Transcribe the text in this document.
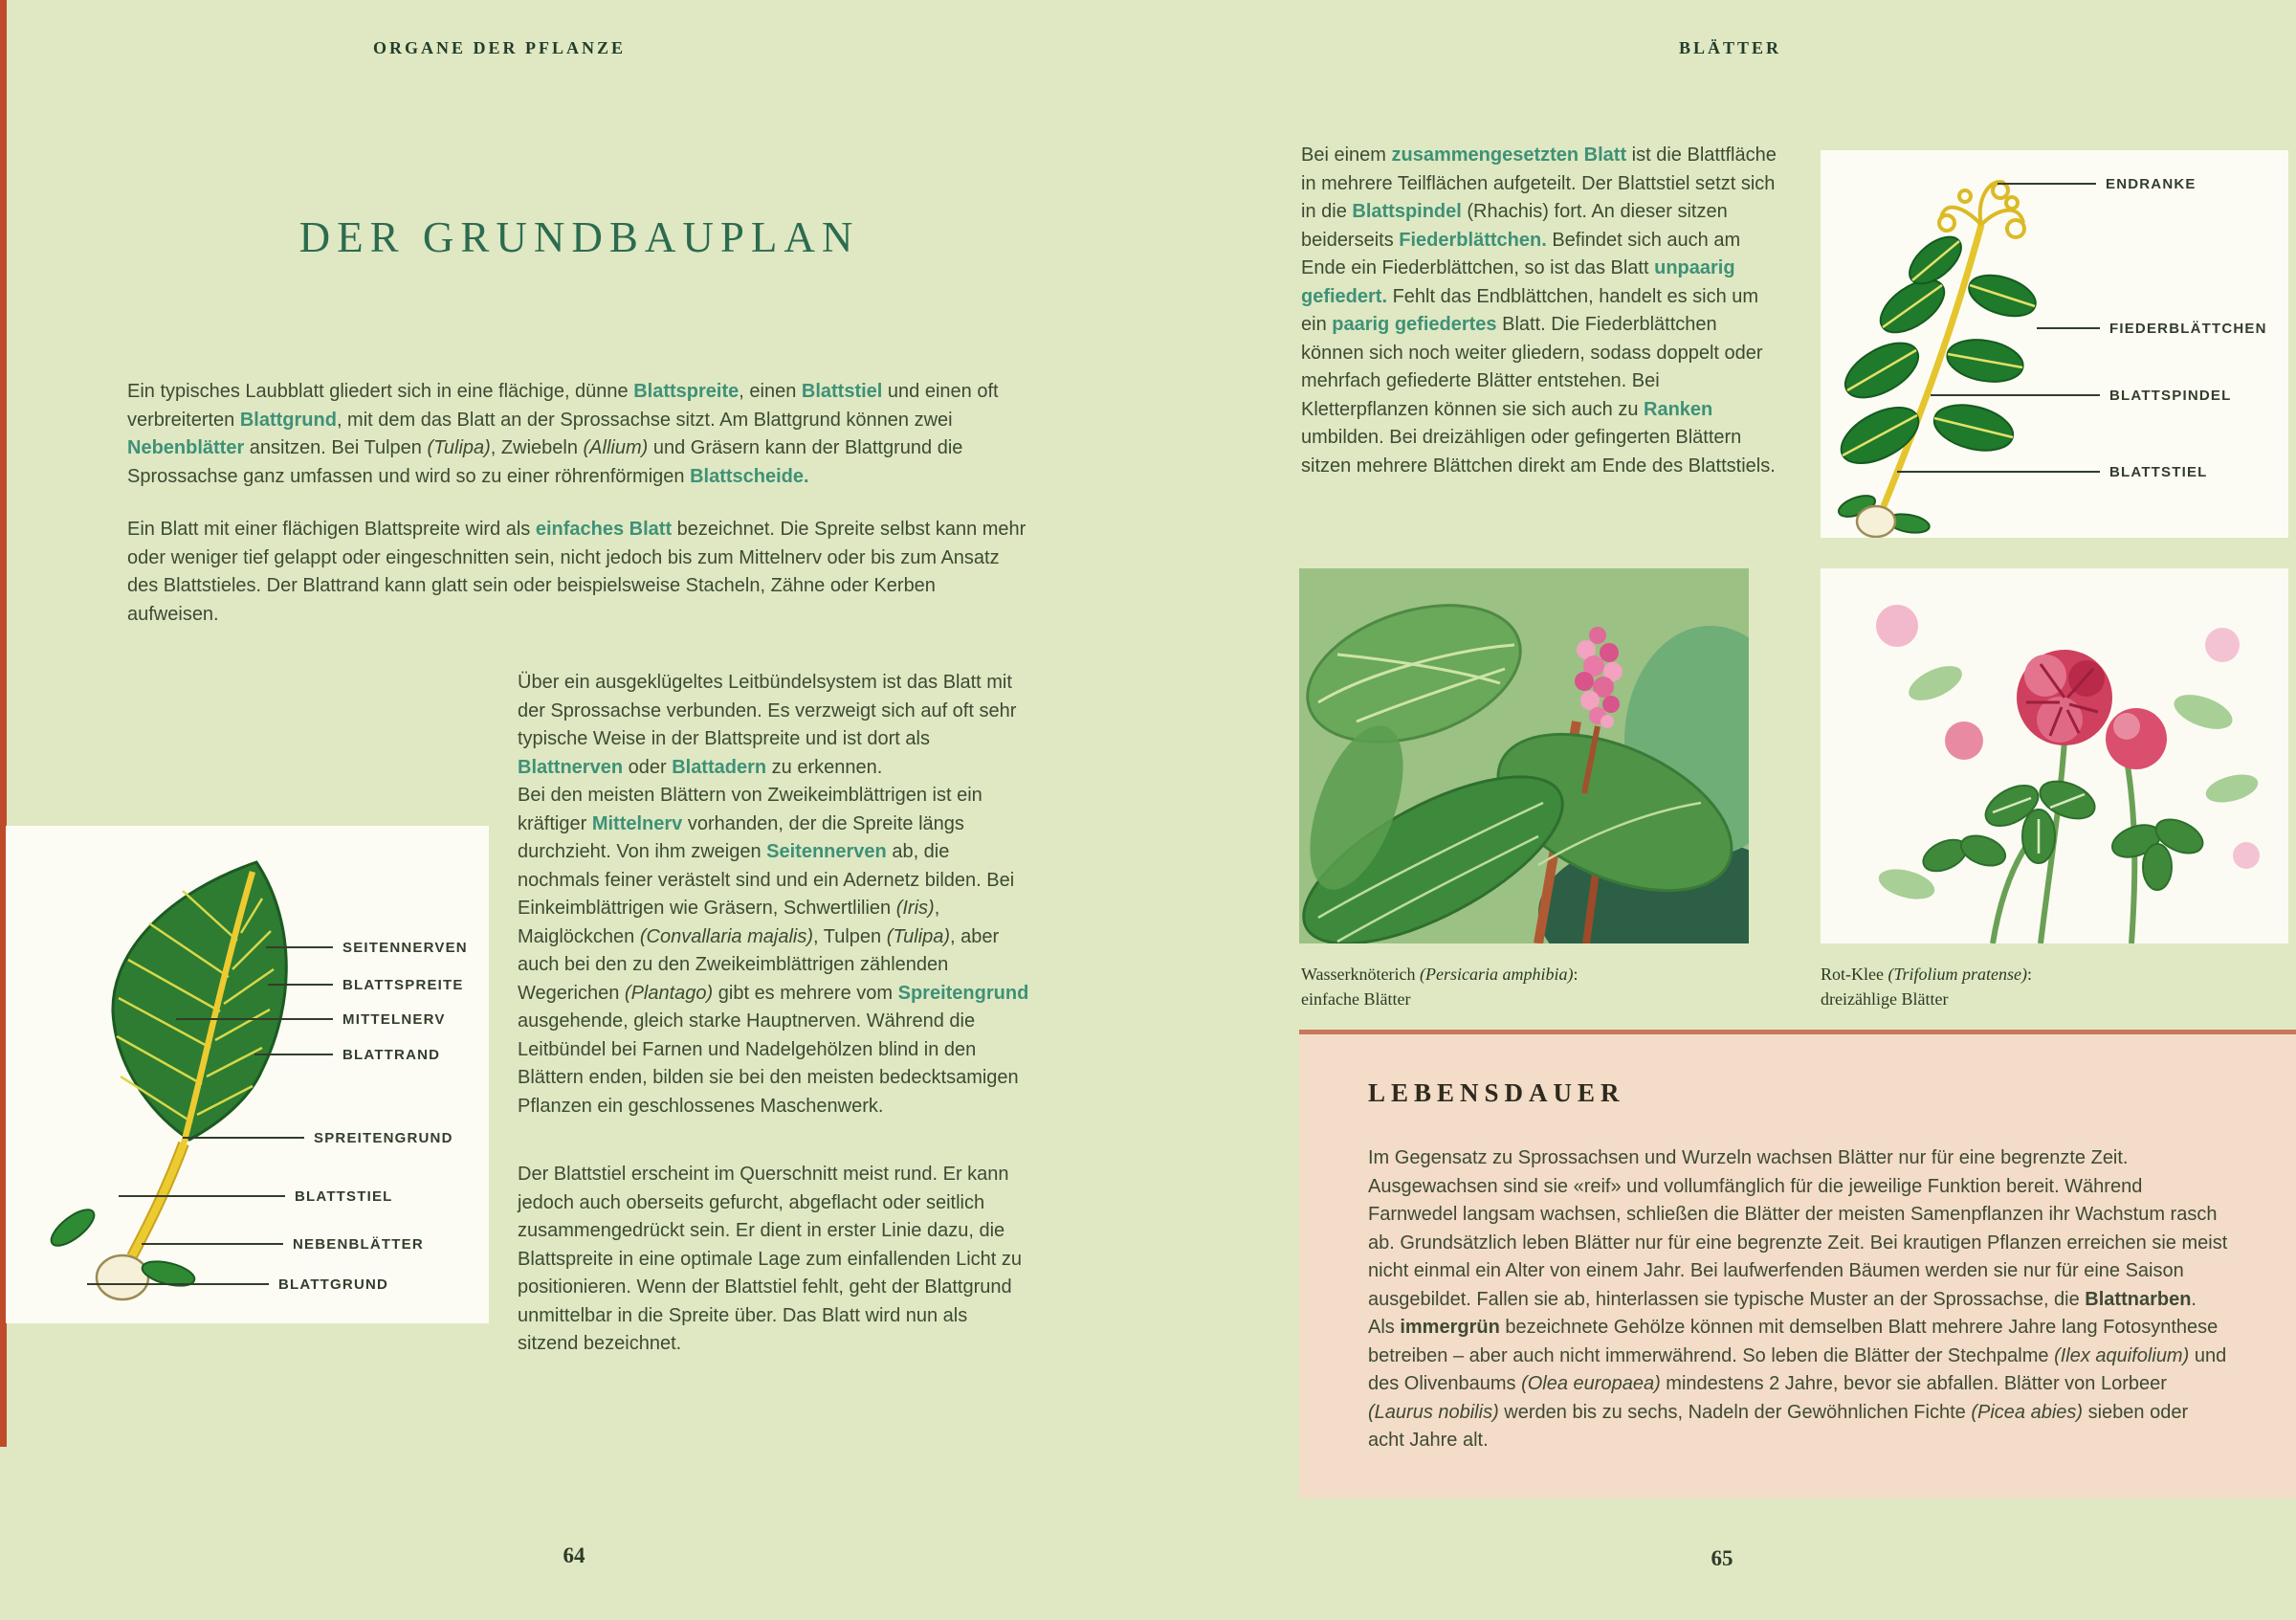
ORGANE DER PFLANZE
DER GRUNDBAUPLAN

Ein typisches Laubblatt gliedert sich in eine flächige, dünne Blattspreite, einen Blattstiel und einen oft verbreiterten Blattgrund, mit dem das Blatt an der Sprossachse sitzt. Am Blattgrund können zwei Nebenblätter ansitzen. Bei Tulpen (Tulipa), Zwiebeln (Allium) und Gräsern kann der Blattgrund die Sprossachse ganz umfassen und wird so zu einer röhrenförmigen Blattscheide.

Ein Blatt mit einer flächigen Blattspreite wird als einfaches Blatt bezeichnet. Die Spreite selbst kann mehr oder weniger tief gelappt oder eingeschnitten sein, nicht jedoch bis zum Mittelnerv oder bis zum Ansatz des Blattstieles. Der Blattrand kann glatt sein oder beispielsweise Stacheln, Zähne oder Kerben aufweisen.

SEITENNERVEN
BLATTSPREITE
MITTELNERV
BLATTRAND
SPREITENGRUND
BLATTSTIEL
NEBENBLÄTTER
BLATTGRUND

Über ein ausgeklügeltes Leitbündelsystem ist das Blatt mit der Sprossachse verbunden. Es verzweigt sich auf oft sehr typische Weise in der Blattspreite und ist dort als Blattnerven oder Blattadern zu erkennen.

Bei den meisten Blättern von Zweikeimblättrigen ist ein kräftiger Mittelnerv vorhanden, der die Spreite längs durchzieht. Von ihm zweigen Seitennerven ab, die nochmals feiner verästelt sind und ein Adernetz bilden. Bei Einkeimblättrigen wie Gräsern, Schwertlilien (Iris), Maiglöckchen (Convallaria majalis), Tulpen (Tulipa), aber auch bei den zu den Zweikeimblättrigen zählenden Wegerichen (Plantago) gibt es mehrere vom Spreitengrund ausgehende, gleich starke Hauptnerven. Während die Leitbündel bei Farnen und Nadelgehölzen blind in den Blättern enden, bilden sie bei den meisten bedecktsamigen Pflanzen ein geschlossenes Maschenwerk.

Der Blattstiel erscheint im Querschnitt meist rund. Er kann jedoch auch oberseits gefurcht, abgeflacht oder seitlich zusammengedrückt sein. Er dient in erster Linie dazu, die Blattspreite in eine optimale Lage zum einfallenden Licht zu positionieren. Wenn der Blattstiel fehlt, geht der Blattgrund unmittelbar in die Spreite über. Das Blatt wird nun als sitzend bezeichnet.

64
BLÄTTER

Bei einem zusammengesetzten Blatt ist die Blattfläche in mehrere Teilflächen aufgeteilt. Der Blattstiel setzt sich in die Blattspindel (Rhachis) fort. An dieser sitzen beiderseits Fiederblättchen. Befindet sich auch am Ende ein Fiederblättchen, so ist das Blatt unpaarig gefiedert. Fehlt das Endblättchen, handelt es sich um ein paarig gefiedertes Blatt. Die Fiederblättchen können sich noch weiter gliedern, sodass doppelt oder mehrfach gefiederte Blätter entstehen. Bei Kletterpflanzen können sie sich auch zu Ranken umbilden. Bei dreizähligen oder gefingerten Blättern sitzen mehrere Blättchen direkt am Ende des Blattstiels.

ENDRANKE
FIEDERBLÄTTCHEN
BLATTSPINDEL
BLATTSTIEL
Wasserknöterich (Persicaria amphibia):
einfache Blätter
Rot-Klee (Trifolium pratense):
dreizählige Blätter
LEBENSDAUER

Im Gegensatz zu Sprossachsen und Wurzeln wachsen Blätter nur für eine begrenzte Zeit. Ausgewachsen sind sie «reif» und vollumfänglich für die jeweilige Funktion bereit. Während Farnwedel langsam wachsen, schließen die Blätter der meisten Samenpflanzen ihr Wachstum rasch ab. Grundsätzlich leben Blätter nur für eine begrenzte Zeit. Bei krautigen Pflanzen erreichen sie meist nicht einmal ein Alter von einem Jahr. Bei laufwerfenden Bäumen werden sie nur für eine Saison ausgebildet. Fallen sie ab, hinterlassen sie typische Muster an der Sprossachse, die Blattnarben.

Als immergrün bezeichnete Gehölze können mit demselben Blatt mehrere Jahre lang Fotosynthese betreiben – aber auch nicht immerwährend. So leben die Blätter der Stechpalme (Ilex aquifolium) und des Olivenbaums (Olea europaea) mindestens 2 Jahre, bevor sie abfallen. Blätter von Lorbeer (Laurus nobilis) werden bis zu sechs, Nadeln der Gewöhnlichen Fichte (Picea abies) sieben oder acht Jahre alt.

65
